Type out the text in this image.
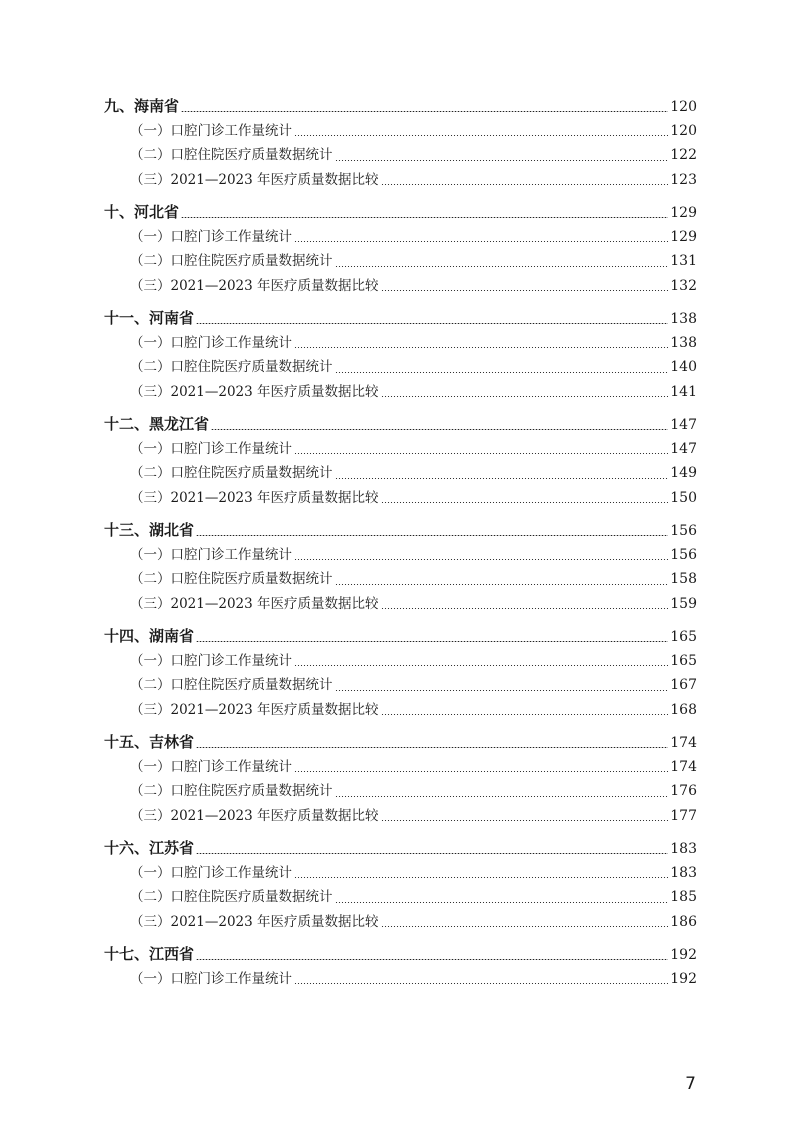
九、海南省	120
（一）口腔门诊工作量统计	120
（二）口腔住院医疗质量数据统计	122
（三）2021—2023 年医疗质量数据比较	123
十、河北省	129
（一）口腔门诊工作量统计	129
（二）口腔住院医疗质量数据统计	131
（三）2021—2023 年医疗质量数据比较	132
十一、河南省	138
（一）口腔门诊工作量统计	138
（二）口腔住院医疗质量数据统计	140
（三）2021—2023 年医疗质量数据比较	141
十二、黑龙江省	147
（一）口腔门诊工作量统计	147
（二）口腔住院医疗质量数据统计	149
（三）2021—2023 年医疗质量数据比较	150
十三、湖北省	156
（一）口腔门诊工作量统计	156
（二）口腔住院医疗质量数据统计	158
（三）2021—2023 年医疗质量数据比较	159
十四、湖南省	165
（一）口腔门诊工作量统计	165
（二）口腔住院医疗质量数据统计	167
（三）2021—2023 年医疗质量数据比较	168
十五、吉林省	174
（一）口腔门诊工作量统计	174
（二）口腔住院医疗质量数据统计	176
（三）2021—2023 年医疗质量数据比较	177
十六、江苏省	183
（一）口腔门诊工作量统计	183
（二）口腔住院医疗质量数据统计	185
（三）2021—2023 年医疗质量数据比较	186
十七、江西省	192
（一）口腔门诊工作量统计	192
7
